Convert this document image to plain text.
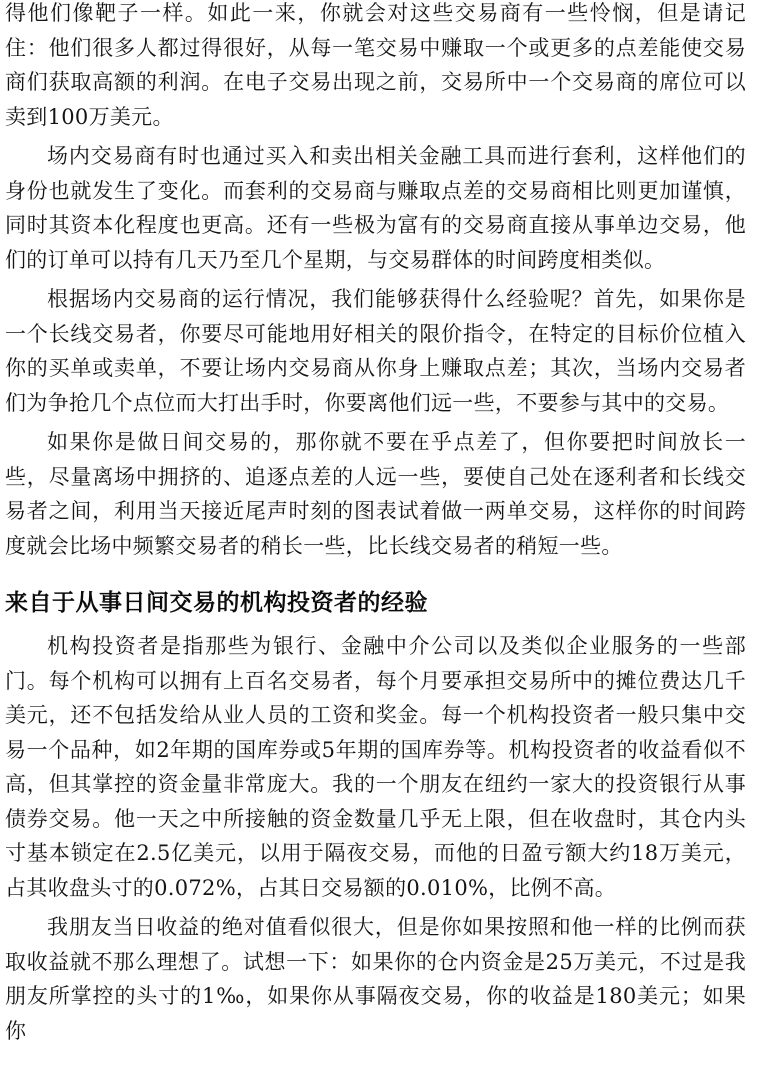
得他们像靶子一样。如此一来，你就会对这些交易商有一些怜悯，但是请记住：他们很多人都过得很好，从每一笔交易中赚取一个或更多的点差能使交易商们获取高额的利润。在电子交易出现之前，交易所中一个交易商的席位可以卖到100万美元。

场内交易商有时也通过买入和卖出相关金融工具而进行套利，这样他们的身份也就发生了变化。而套利的交易商与赚取点差的交易商相比则更加谨慎，同时其资本化程度也更高。还有一些极为富有的交易商直接从事单边交易，他们的订单可以持有几天乃至几个星期，与交易群体的时间跨度相类似。

根据场内交易商的运行情况，我们能够获得什么经验呢？首先，如果你是一个长线交易者，你要尽可能地用好相关的限价指令，在特定的目标价位植入你的买单或卖单，不要让场内交易商从你身上赚取点差；其次，当场内交易者们为争抢几个点位而大打出手时，你要离他们远一些，不要参与其中的交易。

如果你是做日间交易的，那你就不要在乎点差了，但你要把时间放长一些，尽量离场中拥挤的、追逐点差的人远一些，要使自己处在逐利者和长线交易者之间，利用当天接近尾声时刻的图表试着做一两单交易，这样你的时间跨度就会比场中频繁交易者的稍长一些，比长线交易者的稍短一些。

来自于从事日间交易的机构投资者的经验

机构投资者是指那些为银行、金融中介公司以及类似企业服务的一些部门。每个机构可以拥有上百名交易者，每个月要承担交易所中的摊位费达几千美元，还不包括发给从业人员的工资和奖金。每一个机构投资者一般只集中交易一个品种，如2年期的国库券或5年期的国库券等。机构投资者的收益看似不高，但其掌控的资金量非常庞大。我的一个朋友在纽约一家大的投资银行从事债券交易。他一天之中所接触的资金数量几乎无上限，但在收盘时，其仓内头寸基本锁定在2.5亿美元，以用于隔夜交易，而他的日盈亏额大约18万美元，占其收盘头寸的0.072%，占其日交易额的0.010%，比例不高。

我朋友当日收益的绝对值看似很大，但是你如果按照和他一样的比例而获取收益就不那么理想了。试想一下：如果你的仓内资金是25万美元，不过是我朋友所掌控的头寸的1‰，如果你从事隔夜交易，你的收益是180美元；如果你
